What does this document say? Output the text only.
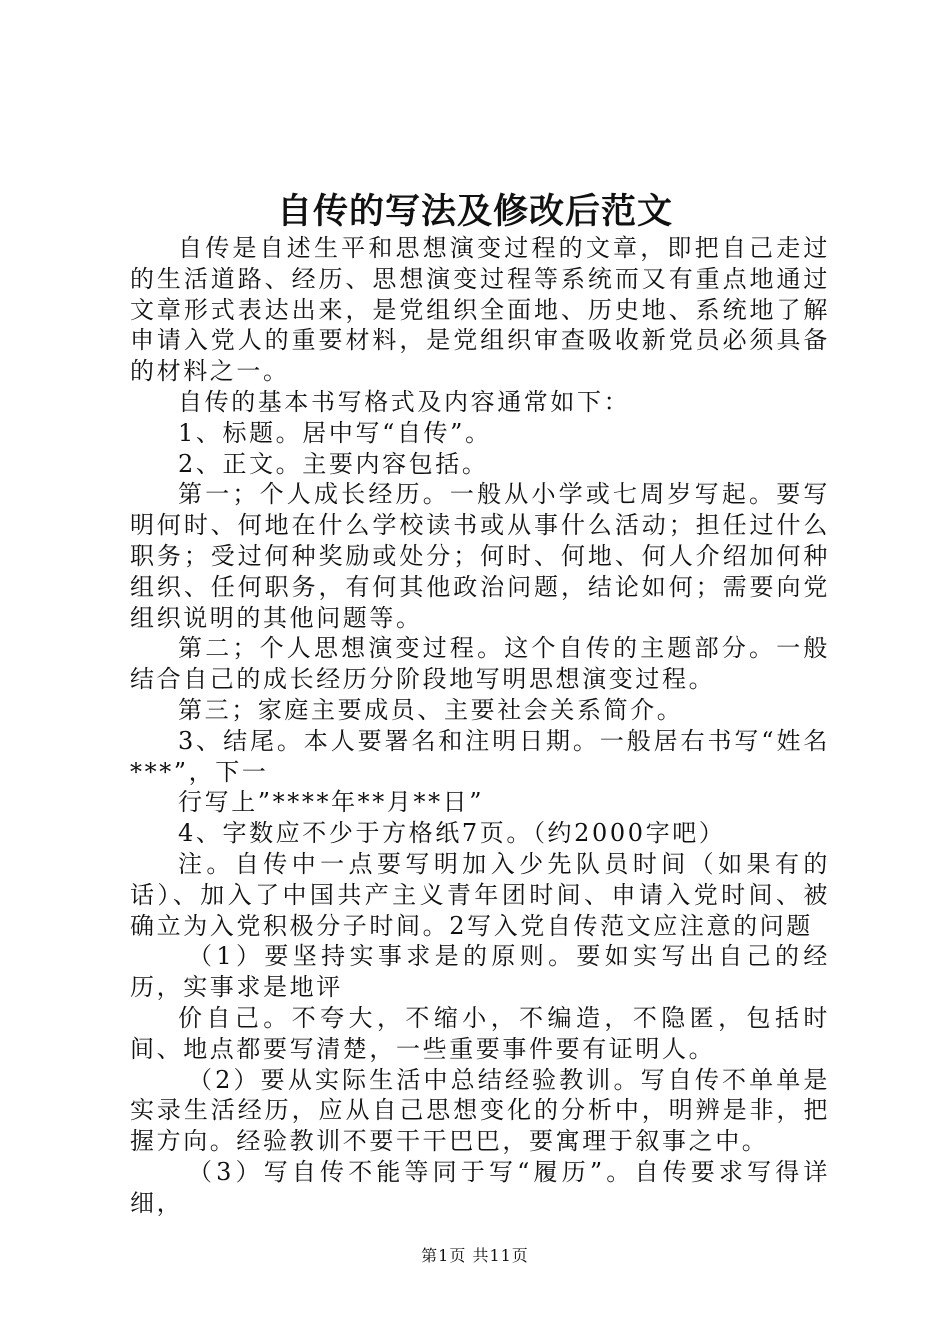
自传的写法及修改后范文

自传是自述生平和思想演变过程的文章，即把自己走过的生活道路、经历、思想演变过程等系统而又有重点地通过文章形式表达出来，是党组织全面地、历史地、系统地了解申请入党人的重要材料，是党组织审查吸收新党员必须具备的材料之一。

自传的基本书写格式及内容通常如下：

1、标题。居中写“自传”。

2、正文。主要内容包括。

第一；个人成长经历。一般从小学或七周岁写起。要写明何时、何地在什么学校读书或从事什么活动；担任过什么职务；受过何种奖励或处分；何时、何地、何人介绍加何种组织、任何职务，有何其他政治问题，结论如何；需要向党组织说明的其他问题等。

第二；个人思想演变过程。这个自传的主题部分。一般结合自己的成长经历分阶段地写明思想演变过程。

第三；家庭主要成员、主要社会关系简介。

3、结尾。本人要署名和注明日期。一般居右书写“姓名***”，下一

行写上”****年**月**日”

4、字数应不少于方格纸7页。（约2000字吧）

注。自传中一点要写明加入少先队员时间（如果有的话）、加入了中国共产主义青年团时间、申请入党时间、被确立为入党积极分子时间。2写入党自传范文应注意的问题

（1）要坚持实事求是的原则。要如实写出自己的经历，实事求是地评

价自己。不夸大，不缩小，不编造，不隐匿，包括时间、地点都要写清楚，一些重要事件要有证明人。

（2）要从实际生活中总结经验教训。写自传不单单是实录生活经历，应从自己思想变化的分析中，明辨是非，把握方向。经验教训不要干干巴巴，要寓理于叙事之中。

（3）写自传不能等同于写“履历”。自传要求写得详细，

第1页 共11页
